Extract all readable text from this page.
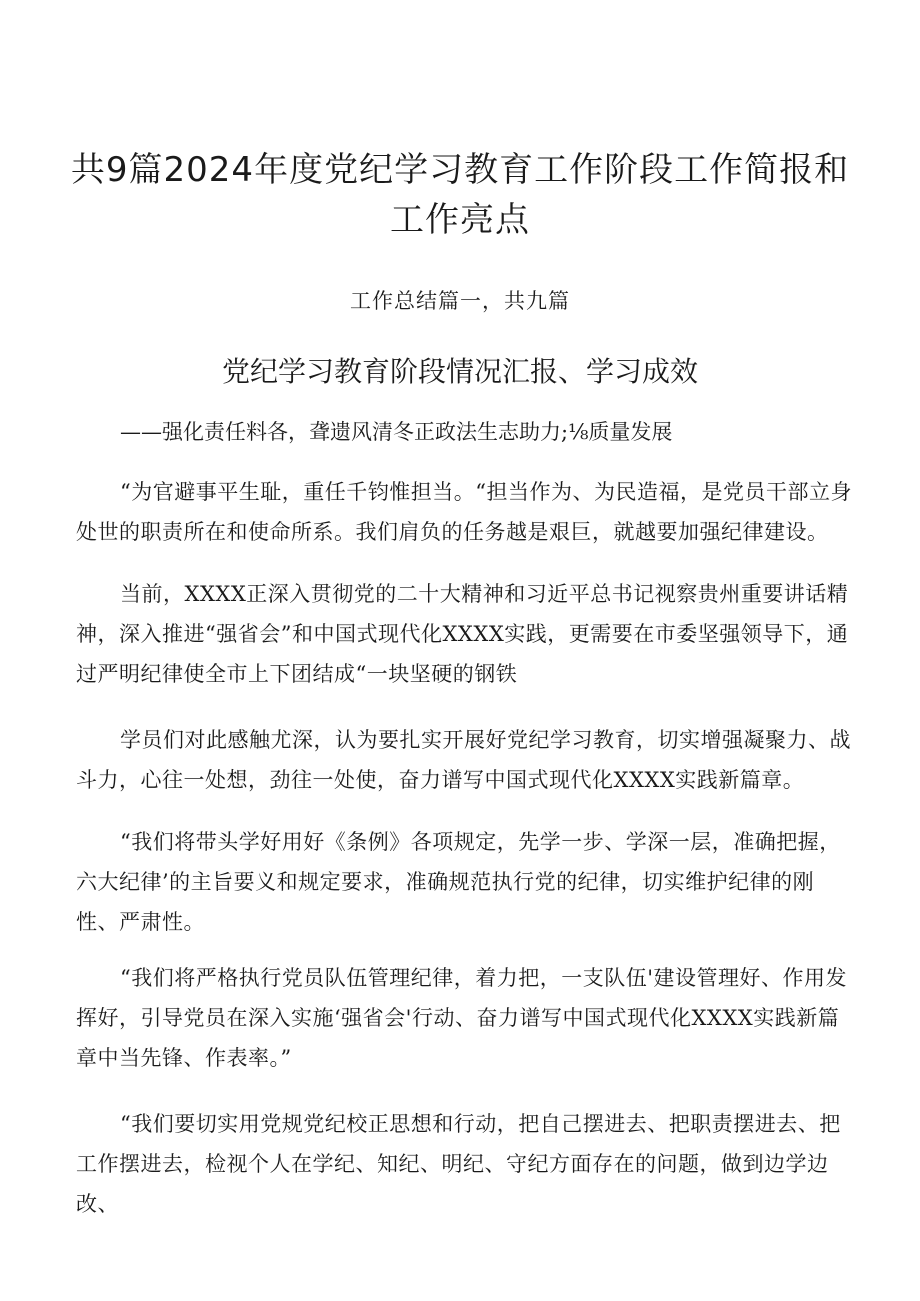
共9篇2024年度党纪学习教育工作阶段工作简报和工作亮点
工作总结篇一，共九篇
党纪学习教育阶段情况汇报、学习成效
——强化责任料各，聋遗风清冬正政法生志助力;⅛质量发展

“为官避事平生耻，重任千钧惟担当。“担当作为、为民造福，是党员干部立身处世的职责所在和使命所系。我们肩负的任务越是艰巨，就越要加强纪律建设。

当前，XXXX正深入贯彻党的二十大精神和习近平总书记视察贵州重要讲话精神，深入推进“强省会”和中国式现代化XXXX实践，更需要在市委坚强领导下，通过严明纪律使全市上下团结成“一块坚硬的钢铁

学员们对此感触尤深，认为要扎实开展好党纪学习教育，切实增强凝聚力、战斗力，心往一处想，劲往一处使，奋力谱写中国式现代化XXXX实践新篇章。

“我们将带头学好用好《条例》各项规定，先学一步、学深一层，准确把握，六大纪律’的主旨要义和规定要求，准确规范执行党的纪律，切实维护纪律的刚性、严肃性。

“我们将严格执行党员队伍管理纪律，着力把，一支队伍'建设管理好、作用发挥好，引导党员在深入实施‘强省会'行动、奋力谱写中国式现代化XXXX实践新篇章中当先锋、作表率。”

“我们要切实用党规党纪校正思想和行动，把自己摆进去、把职责摆进去、把工作摆进去，检视个人在学纪、知纪、明纪、守纪方面存在的问题，做到边学边改、
